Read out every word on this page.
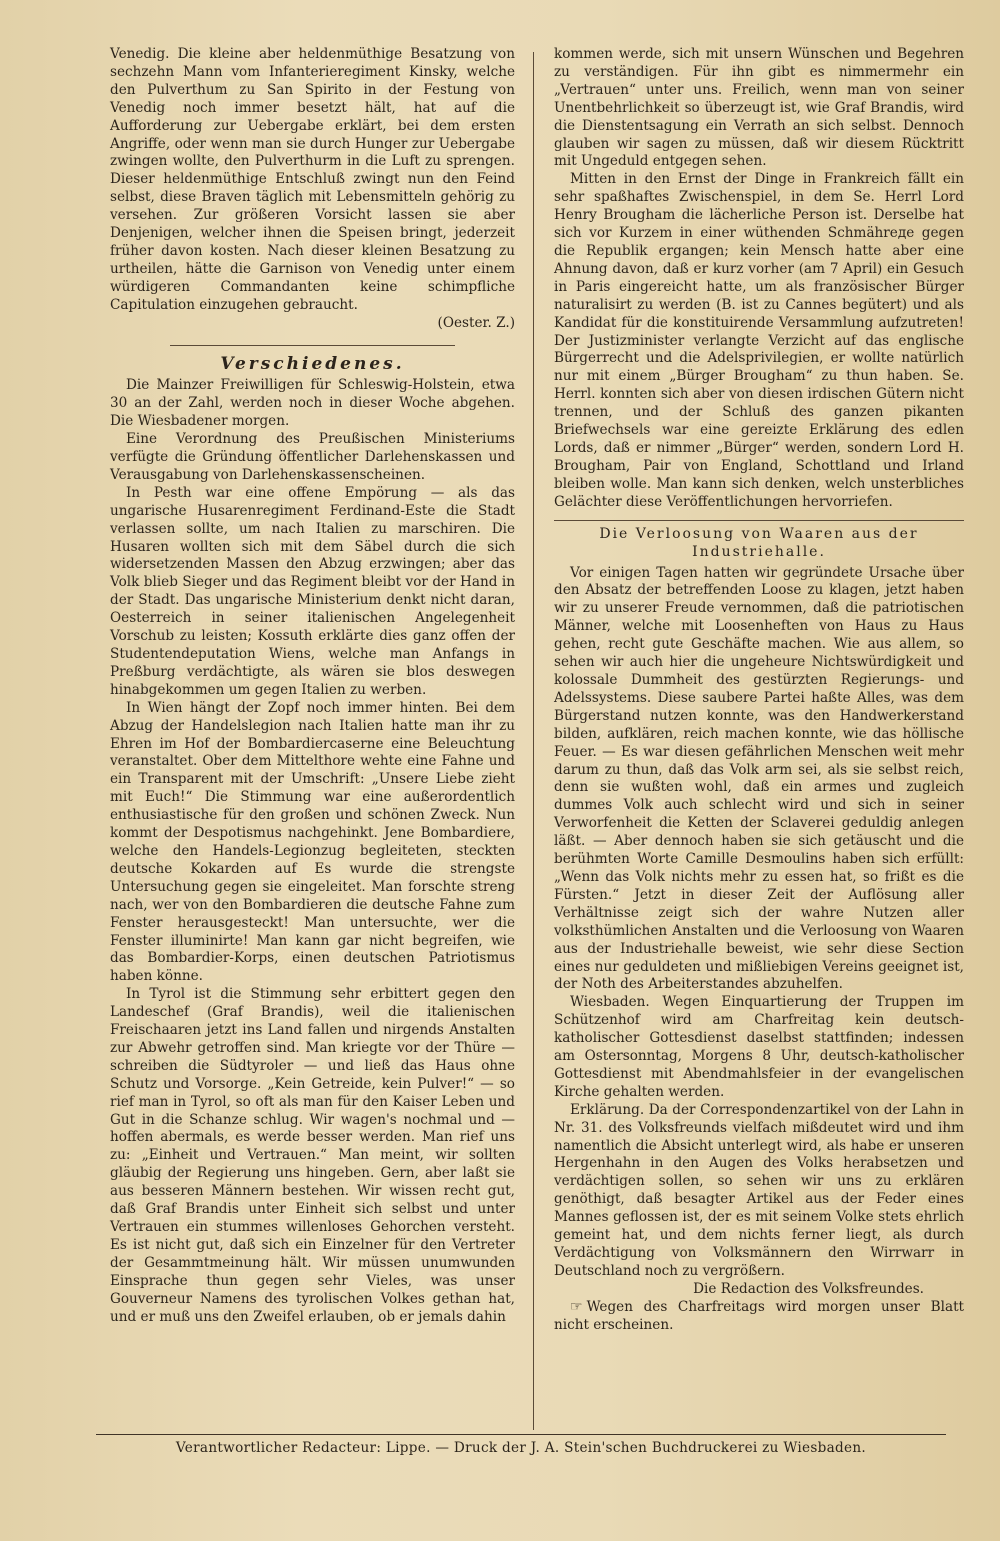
Venedig. Die kleine aber heldenmüthige Besatzung von sechzehn Mann vom Infanterieregiment Kinsky, welche den Pulverthum zu San Spirito in der Festung von Venedig noch immer besetzt hält, hat auf die Aufforderung zur Uebergabe erklärt, bei dem ersten Angriffe, oder wenn man sie durch Hunger zur Uebergabe zwingen wollte, den Pulverthurm in die Luft zu sprengen. Dieser heldenmüthige Entschluß zwingt nun den Feind selbst, diese Braven täglich mit Lebensmitteln gehörig zu versehen. Zur größeren Vorsicht lassen sie aber Denjenigen, welcher ihnen die Speisen bringt, jederzeit früher davon kosten. Nach dieser kleinen Besatzung zu urtheilen, hätte die Garnison von Venedig unter einem würdigeren Commandanten keine schimpfliche Capitulation einzugehen gebraucht.

(Oester. Z.)

Verschiedenes.

Die Mainzer Freiwilligen für Schleswig-Holstein, etwa 30 an der Zahl, werden noch in dieser Woche abgehen. Die Wiesbadener morgen.

Eine Verordnung des Preußischen Ministeriums verfügte die Gründung öffentlicher Darlehenskassen und Verausgabung von Darlehenskassenscheinen.

In Pesth war eine offene Empörung — als das ungarische Husarenregiment Ferdinand-Este die Stadt verlassen sollte, um nach Italien zu marschiren. Die Husaren wollten sich mit dem Säbel durch die sich widersetzenden Massen den Abzug erzwingen; aber das Volk blieb Sieger und das Regiment bleibt vor der Hand in der Stadt. Das ungarische Ministerium denkt nicht daran, Oesterreich in seiner italienischen Angelegenheit Vorschub zu leisten; Kossuth erklärte dies ganz offen der Studentendeputation Wiens, welche man Anfangs in Preßburg verdächtigte, als wären sie blos deswegen hinabgekommen um gegen Italien zu werben.

In Wien hängt der Zopf noch immer hinten. Bei dem Abzug der Handelslegion nach Italien hatte man ihr zu Ehren im Hof der Bombardiercaserne eine Beleuchtung veranstaltet. Ober dem Mittelthore wehte eine Fahne und ein Transparent mit der Umschrift: „Unsere Liebe zieht mit Euch!“ Die Stimmung war eine außerordentlich enthusiastische für den großen und schönen Zweck. Nun kommt der Despotismus nachgehinkt. Jene Bombardiere, welche den Handels-Legionzug begleiteten, steckten deutsche Kokarden auf Es wurde die strengste Untersuchung gegen sie eingeleitet. Man forschte streng nach, wer von den Bombardieren die deutsche Fahne zum Fenster herausgesteckt! Man untersuchte, wer die Fenster illuminirte! Man kann gar nicht begreifen, wie das Bombardier-Korps, einen deutschen Patriotismus haben könne.

In Tyrol ist die Stimmung sehr erbittert gegen den Landeschef (Graf Brandis), weil die italienischen Freischaaren jetzt ins Land fallen und nirgends Anstalten zur Abwehr getroffen sind. Man kriegte vor der Thüre — schreiben die Südtyroler — und ließ das Haus ohne Schutz und Vorsorge. „Kein Getreide, kein Pulver!“ — so rief man in Tyrol, so oft als man für den Kaiser Leben und Gut in die Schanze schlug. Wir wagen's nochmal und — hoffen abermals, es werde besser werden. Man rief uns zu: „Einheit und Vertrauen.“ Man meint, wir sollten gläubig der Regierung uns hingeben. Gern, aber laßt sie aus besseren Männern bestehen. Wir wissen recht gut, daß Graf Brandis unter Einheit sich selbst und unter Vertrauen ein stummes willenloses Gehorchen versteht. Es ist nicht gut, daß sich ein Einzelner für den Vertreter der Gesammtmeinung hält. Wir müssen unumwunden Einsprache thun gegen sehr Vieles, was unser Gouverneur Namens des tyrolischen Volkes gethan hat, und er muß uns den Zweifel erlauben, ob er jemals dahin

kommen werde, sich mit unsern Wünschen und Begehren zu verständigen. Für ihn gibt es nimmermehr ein „Vertrauen“ unter uns. Freilich, wenn man von seiner Unentbehrlichkeit so überzeugt ist, wie Graf Brandis, wird die Dienstentsagung ein Verrath an sich selbst. Dennoch glauben wir sagen zu müssen, daß wir diesem Rücktritt mit Ungeduld entgegen sehen.

Mitten in den Ernst der Dinge in Frankreich fällt ein sehr spaßhaftes Zwischenspiel, in dem Se. Herrl Lord Henry Brougham die lächerliche Person ist. Derselbe hat sich vor Kurzem in einer wüthenden Schmähreде gegen die Republik ergangen; kein Mensch hatte aber eine Ahnung davon, daß er kurz vorher (am 7 April) ein Gesuch in Paris eingereicht hatte, um als französischer Bürger naturalisirt zu werden (B. ist zu Cannes begütert) und als Kandidat für die konstituirende Versammlung aufzutreten! Der Justizminister verlangte Verzicht auf das englische Bürgerrecht und die Adelsprivilegien, er wollte natürlich nur mit einem „Bürger Brougham“ zu thun haben. Se. Herrl. konnten sich aber von diesen irdischen Gütern nicht trennen, und der Schluß des ganzen pikanten Briefwechsels war eine gereizte Erklärung des edlen Lords, daß er nimmer „Bürger“ werden, sondern Lord H. Brougham, Pair von England, Schottland und Irland bleiben wolle. Man kann sich denken, welch unsterbliches Gelächter diese Veröffentlichungen hervorriefen.

Die Verloosung von Waaren aus der Industriehalle.

Vor einigen Tagen hatten wir gegründete Ursache über den Absatz der betreffenden Loose zu klagen, jetzt haben wir zu unserer Freude vernommen, daß die patriotischen Männer, welche mit Loosenheften von Haus zu Haus gehen, recht gute Geschäfte machen. Wie aus allem, so sehen wir auch hier die ungeheure Nichtswürdigkeit und kolossale Dummheit des gestürzten Regierungs- und Adelssystems. Diese saubere Partei haßte Alles, was dem Bürgerstand nutzen konnte, was den Handwerkerstand bilden, aufklären, reich machen konnte, wie das höllische Feuer. — Es war diesen gefährlichen Menschen weit mehr darum zu thun, daß das Volk arm sei, als sie selbst reich, denn sie wußten wohl, daß ein armes und zugleich dummes Volk auch schlecht wird und sich in seiner Verworfenheit die Ketten der Sclaverei geduldig anlegen läßt. — Aber dennoch haben sie sich getäuscht und die berühmten Worte Camille Desmoulins haben sich erfüllt: „Wenn das Volk nichts mehr zu essen hat, so frißt es die Fürsten.“ Jetzt in dieser Zeit der Auflösung aller Verhältnisse zeigt sich der wahre Nutzen aller volksthümlichen Anstalten und die Verloosung von Waaren aus der Industriehalle beweist, wie sehr diese Section eines nur geduldeten und mißliebigen Vereins geeignet ist, der Noth des Arbeiterstandes abzuhelfen.

Wiesbaden. Wegen Einquartierung der Truppen im Schützenhof wird am Charfreitag kein deutsch-katholischer Gottesdienst daselbst stattfinden; indessen am Ostersonntag, Morgens 8 Uhr, deutsch-katholischer Gottesdienst mit Abendmahlsfeier in der evangelischen Kirche gehalten werden.

Erklärung. Da der Correspondenzartikel von der Lahn in Nr. 31. des Volksfreunds vielfach mißdeutet wird und ihm namentlich die Absicht unterlegt wird, als habe er unseren Hergenhahn in den Augen des Volks herabsetzen und verdächtigen sollen, so sehen wir uns zu erklären genöthigt, daß besagter Artikel aus der Feder eines Mannes geflossen ist, der es mit seinem Volke stets ehrlich gemeint hat, und dem nichts ferner liegt, als durch Verdächtigung von Volksmännern den Wirrwarr in Deutschland noch zu vergrößern.

Die Redaction des Volksfreundes.

☞ Wegen des Charfreitags wird morgen unser Blatt nicht erscheinen.

Verantwortlicher Redacteur: Lippe. — Druck der J. A. Stein'schen Buchdruckerei zu Wiesbaden.
